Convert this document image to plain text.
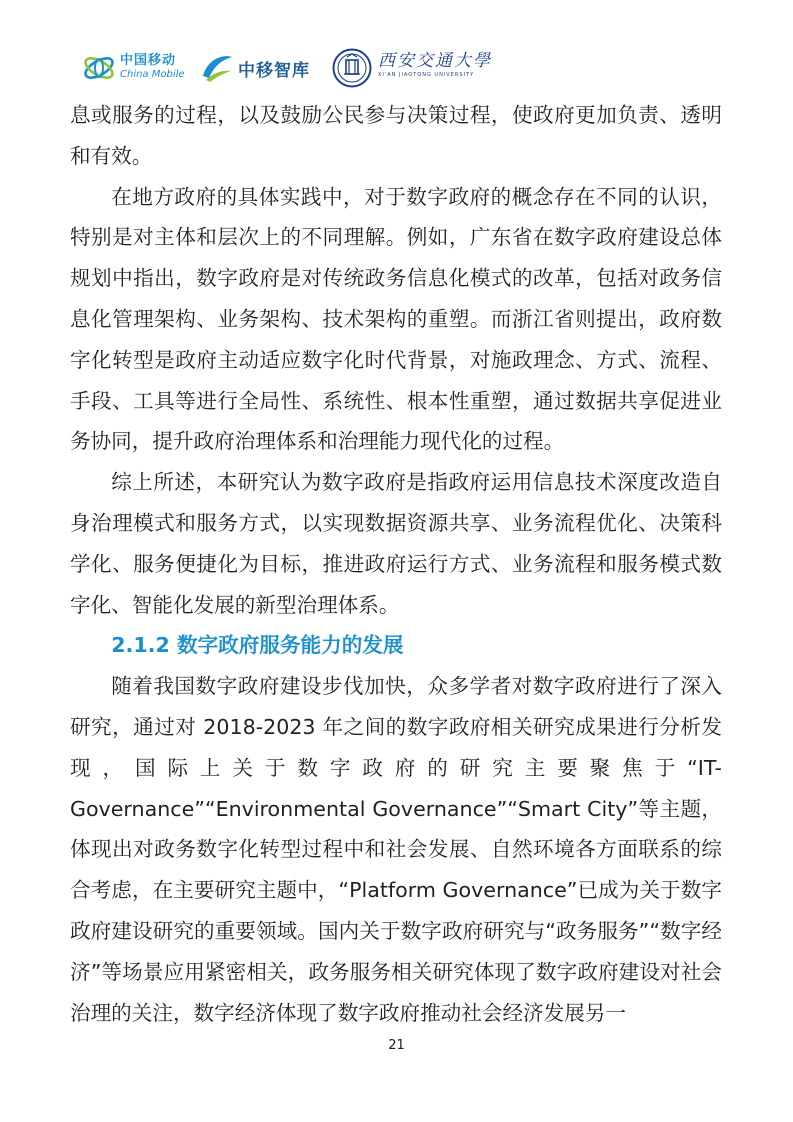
中国移动
China Mobile	中移智库	西安交通大學
XI'AN JIAOTONG UNIVERSITY

息或服务的过程，以及鼓励公民参与决策过程，使政府更加负责、透明和有效。

在地方政府的具体实践中，对于数字政府的概念存在不同的认识，特别是对主体和层次上的不同理解。例如，广东省在数字政府建设总体规划中指出，数字政府是对传统政务信息化模式的改革，包括对政务信息化管理架构、业务架构、技术架构的重塑。而浙江省则提出，政府数字化转型是政府主动适应数字化时代背景，对施政理念、方式、流程、手段、工具等进行全局性、系统性、根本性重塑，通过数据共享促进业务协同，提升政府治理体系和治理能力现代化的过程。

综上所述，本研究认为数字政府是指政府运用信息技术深度改造自身治理模式和服务方式，以实现数据资源共享、业务流程优化、决策科学化、服务便捷化为目标，推进政府运行方式、业务流程和服务模式数字化、智能化发展的新型治理体系。

2.1.2 数字政府服务能力的发展

随着我国数字政府建设步伐加快，众多学者对数字政府进行了深入研究，通过对 2018-2023 年之间的数字政府相关研究成果进行分析发现，国际上关于数字政府的研究主要聚焦于“IT-Governance”“Environmental Governance”“Smart City”等主题，体现出对政务数字化转型过程中和社会发展、自然环境各方面联系的综合考虑，在主要研究主题中，“Platform Governance”已成为关于数字政府建设研究的重要领域。国内关于数字政府研究与“政务服务”“数字经济”等场景应用紧密相关，政务服务相关研究体现了数字政府建设对社会治理的关注，数字经济体现了数字政府推动社会经济发展另一

21
